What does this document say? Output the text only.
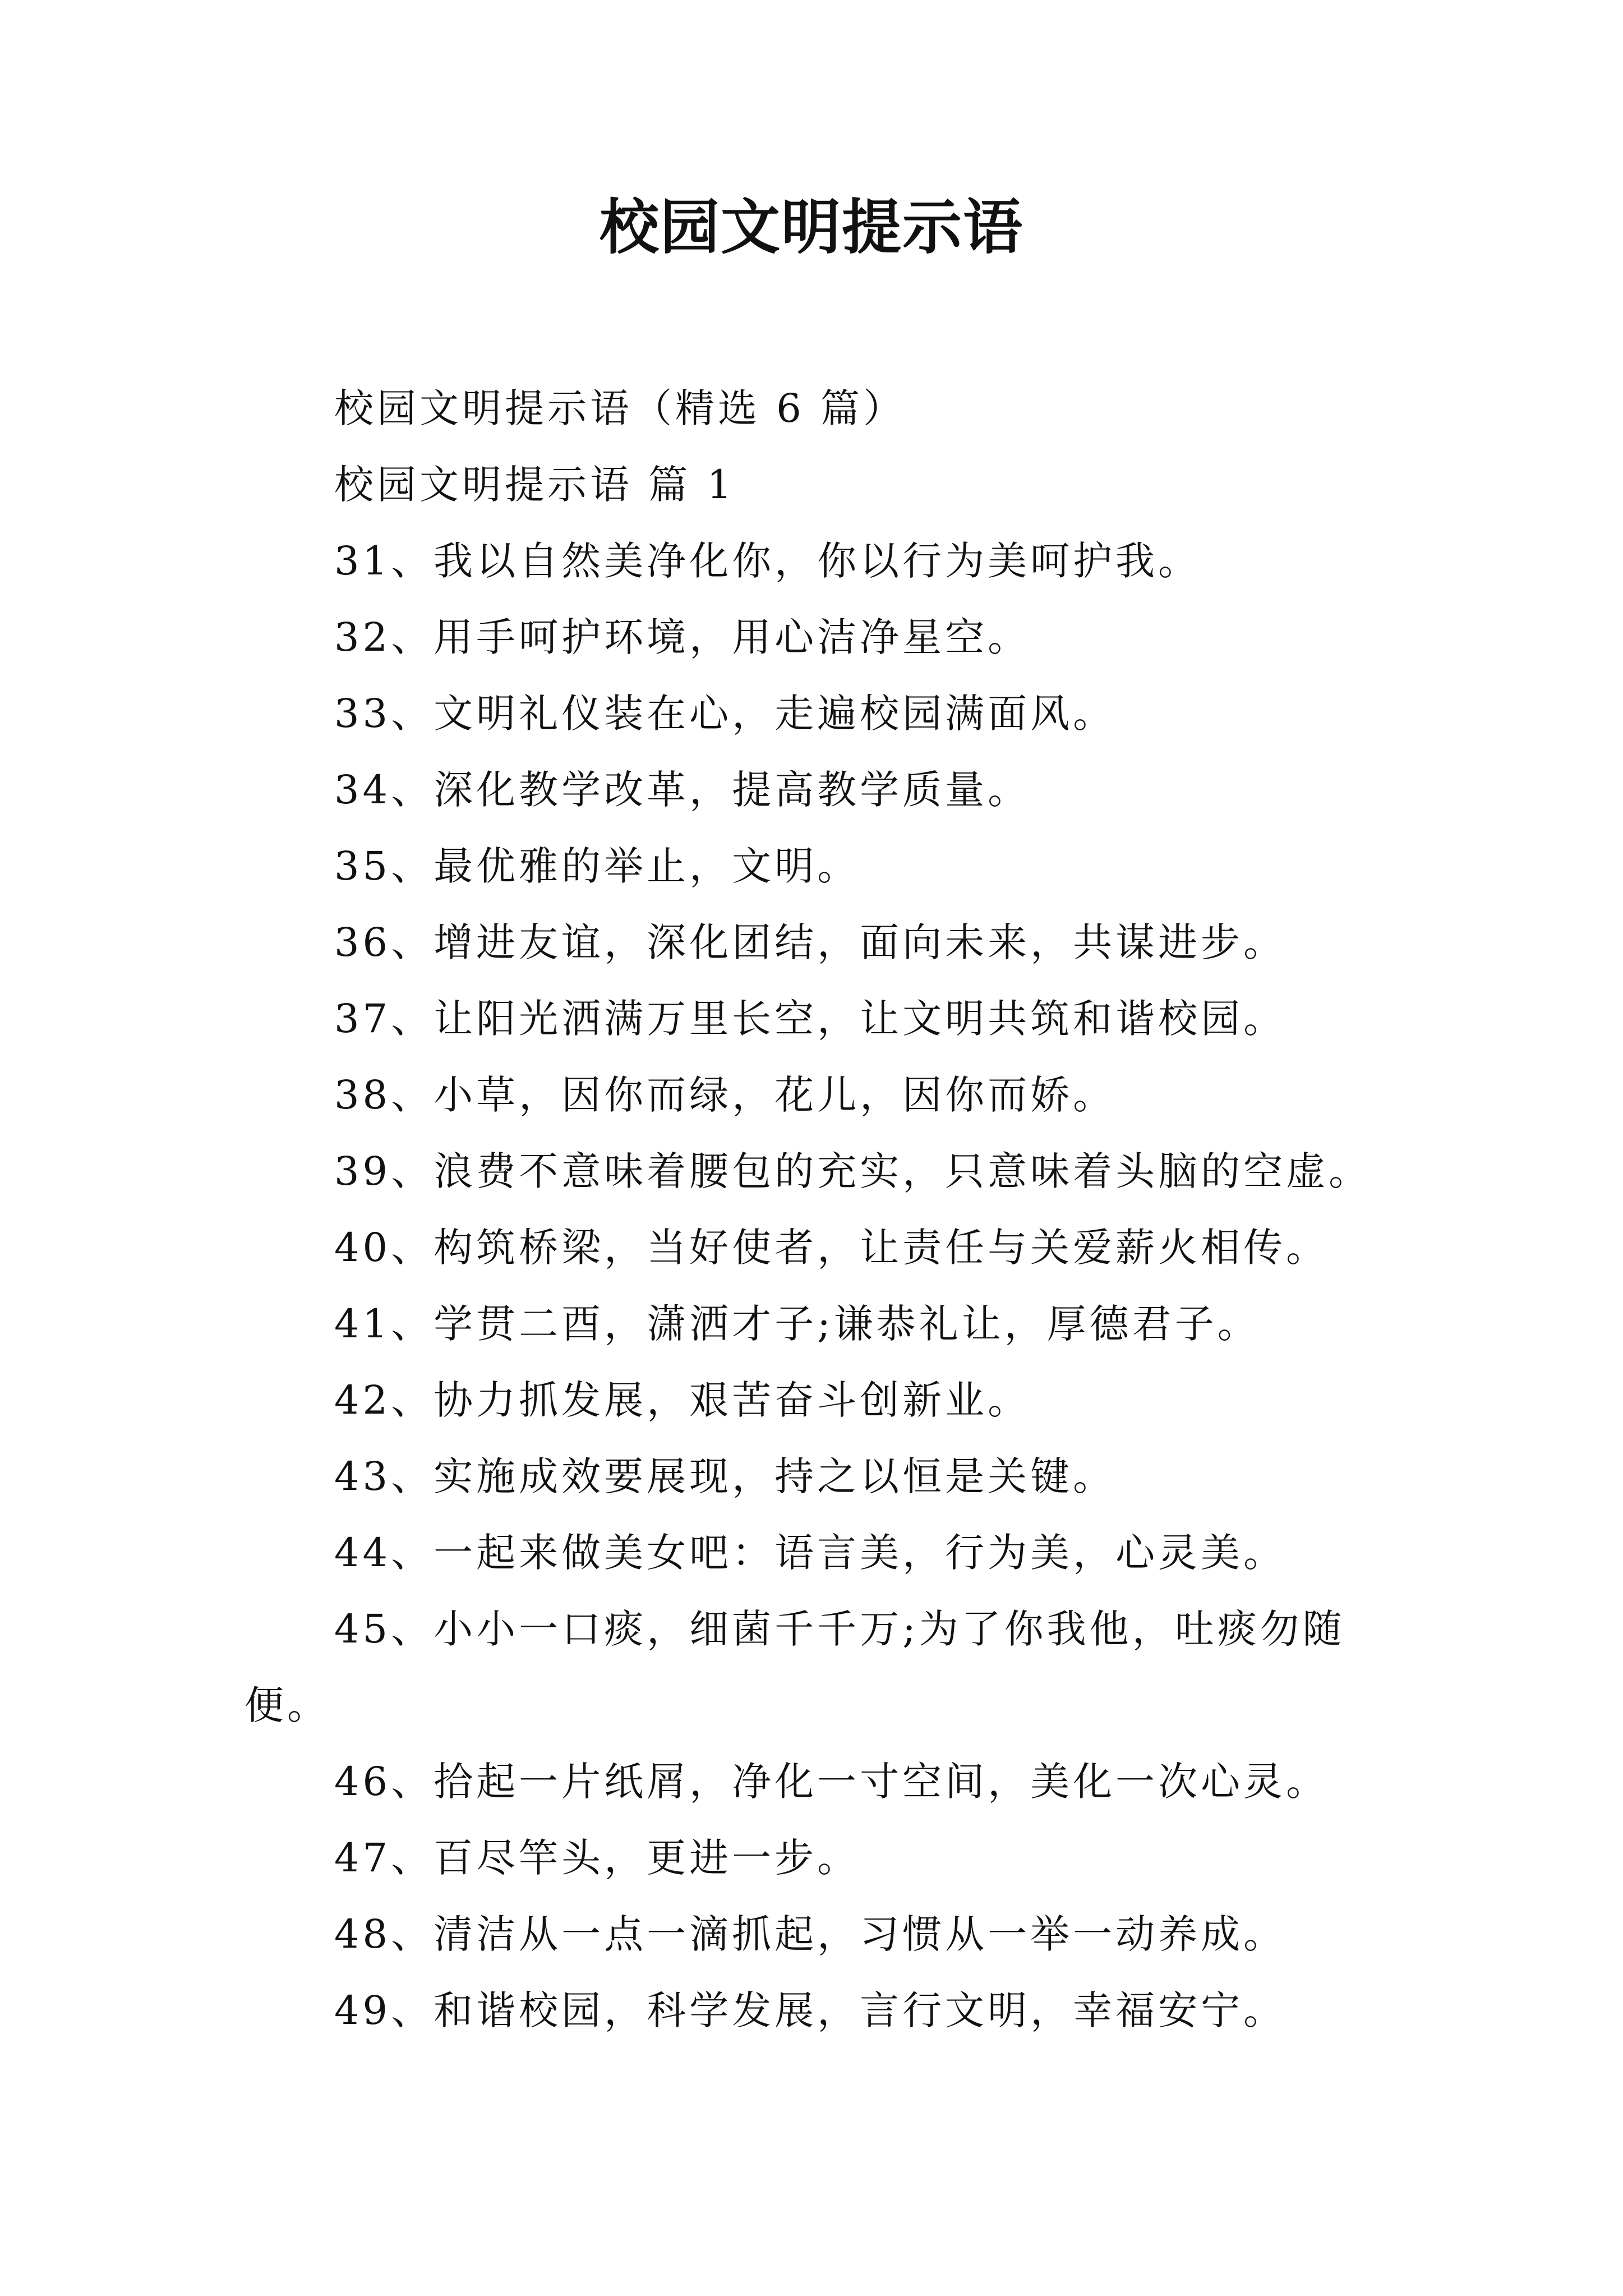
校园文明提示语
校园文明提示语（精选 6 篇）
校园文明提示语 篇 1
31、我以自然美净化你，你以行为美呵护我。
32、用手呵护环境，用心洁净星空。
33、文明礼仪装在心，走遍校园满面风。
34、深化教学改革，提高教学质量。
35、最优雅的举止，文明。
36、增进友谊，深化团结，面向未来，共谋进步。
37、让阳光洒满万里长空，让文明共筑和谐校园。
38、小草，因你而绿，花儿，因你而娇。
39、浪费不意味着腰包的充实，只意味着头脑的空虚。
40、构筑桥梁，当好使者，让责任与关爱薪火相传。
41、学贯二酉，潇洒才子;谦恭礼让，厚德君子。
42、协力抓发展，艰苦奋斗创新业。
43、实施成效要展现，持之以恒是关键。
44、一起来做美女吧：语言美，行为美，心灵美。
45、小小一口痰，细菌千千万;为了你我他，吐痰勿随
便。
46、拾起一片纸屑，净化一寸空间，美化一次心灵。
47、百尽竿头，更进一步。
48、清洁从一点一滴抓起，习惯从一举一动养成。
49、和谐校园，科学发展，言行文明，幸福安宁。
